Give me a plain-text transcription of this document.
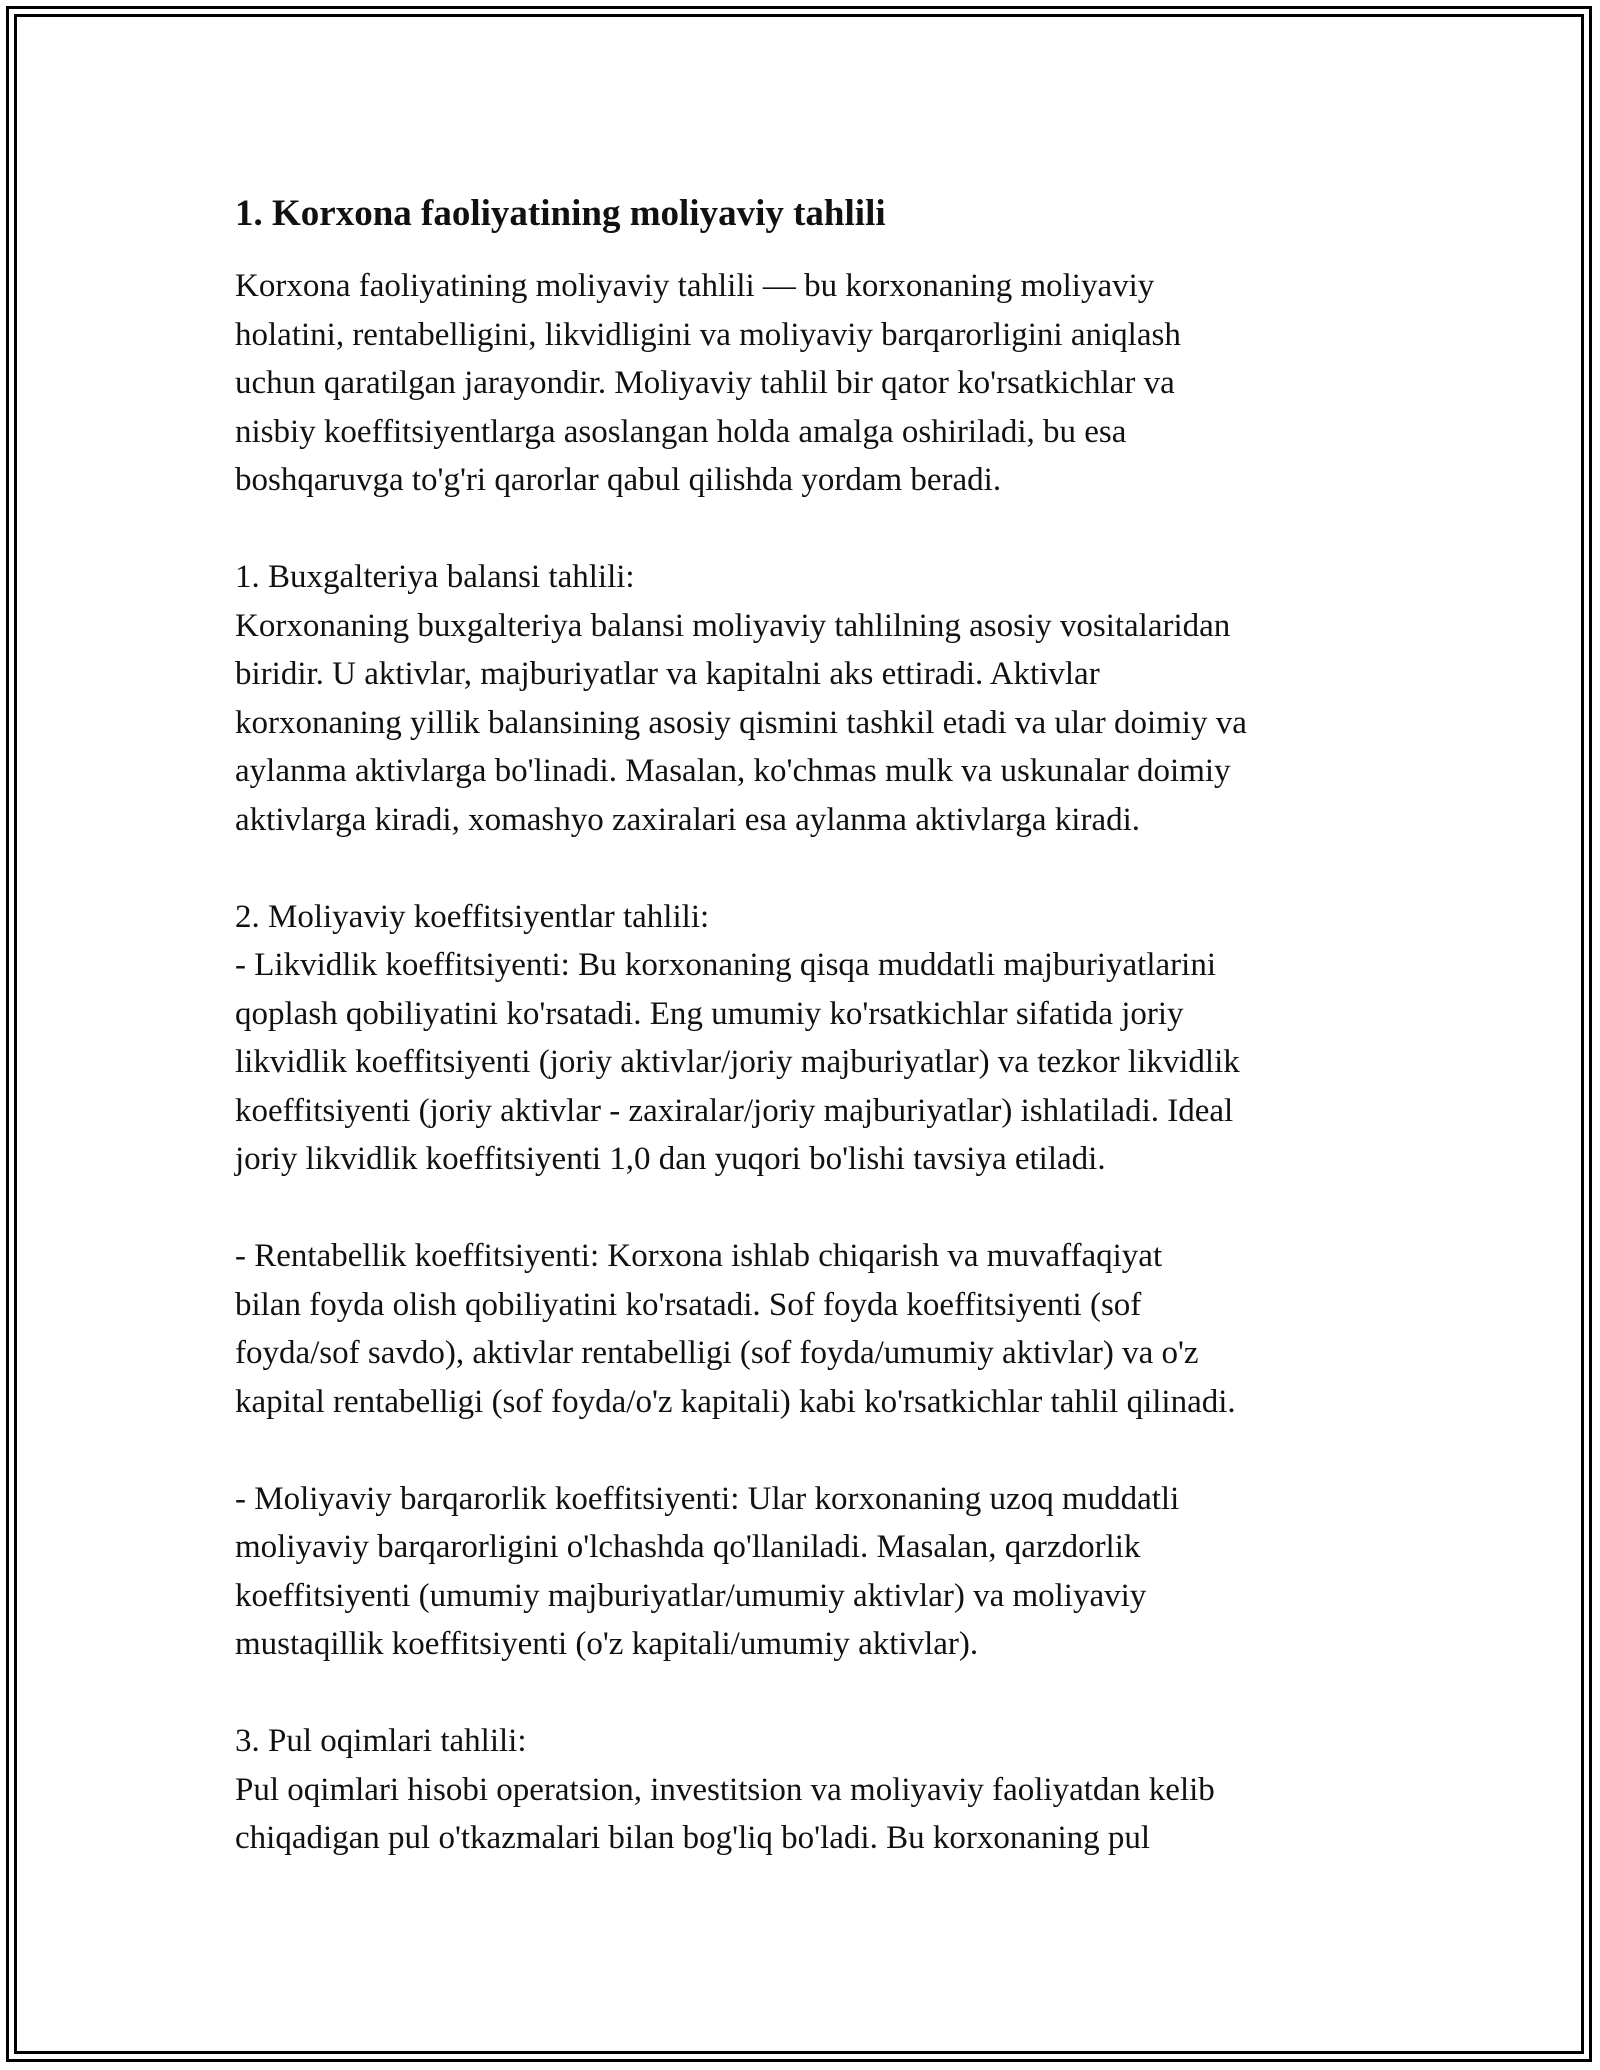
1. Korxona faoliyatining moliyaviy tahlili

Korxona faoliyatining moliyaviy tahlili — bu korxonaning moliyaviy
holatini, rentabelligini, likvidligini va moliyaviy barqarorligini aniqlash
uchun qaratilgan jarayondir. Moliyaviy tahlil bir qator ko'rsatkichlar va
nisbiy koeffitsiyentlarga asoslangan holda amalga oshiriladi, bu esa
boshqaruvga to'g'ri qarorlar qabul qilishda yordam beradi.

1. Buxgalteriya balansi tahlili:

Korxonaning buxgalteriya balansi moliyaviy tahlilning asosiy vositalaridan
biridir. U aktivlar, majburiyatlar va kapitalni aks ettiradi. Aktivlar
korxonaning yillik balansining asosiy qismini tashkil etadi va ular doimiy va
aylanma aktivlarga bo'linadi. Masalan, ko'chmas mulk va uskunalar doimiy
aktivlarga kiradi, xomashyo zaxiralari esa aylanma aktivlarga kiradi.

2. Moliyaviy koeffitsiyentlar tahlili:

- Likvidlik koeffitsiyenti: Bu korxonaning qisqa muddatli majburiyatlarini
qoplash qobiliyatini ko'rsatadi. Eng umumiy ko'rsatkichlar sifatida joriy
likvidlik koeffitsiyenti (joriy aktivlar/joriy majburiyatlar) va tezkor likvidlik
koeffitsiyenti (joriy aktivlar - zaxiralar/joriy majburiyatlar) ishlatiladi. Ideal
joriy likvidlik koeffitsiyenti 1,0 dan yuqori bo'lishi tavsiya etiladi.

- Rentabellik koeffitsiyenti: Korxona ishlab chiqarish va muvaffaqiyat
bilan foyda olish qobiliyatini ko'rsatadi. Sof foyda koeffitsiyenti (sof
foyda/sof savdo), aktivlar rentabelligi (sof foyda/umumiy aktivlar) va o'z
kapital rentabelligi (sof foyda/o'z kapitali) kabi ko'rsatkichlar tahlil qilinadi.

- Moliyaviy barqarorlik koeffitsiyenti: Ular korxonaning uzoq muddatli
moliyaviy barqarorligini o'lchashda qo'llaniladi. Masalan, qarzdorlik
koeffitsiyenti (umumiy majburiyatlar/umumiy aktivlar) va moliyaviy
mustaqillik koeffitsiyenti (o'z kapitali/umumiy aktivlar).

3. Pul oqimlari tahlili:

Pul oqimlari hisobi operatsion, investitsion va moliyaviy faoliyatdan kelib
chiqadigan pul o'tkazmalari bilan bog'liq bo'ladi. Bu korxonaning pul
